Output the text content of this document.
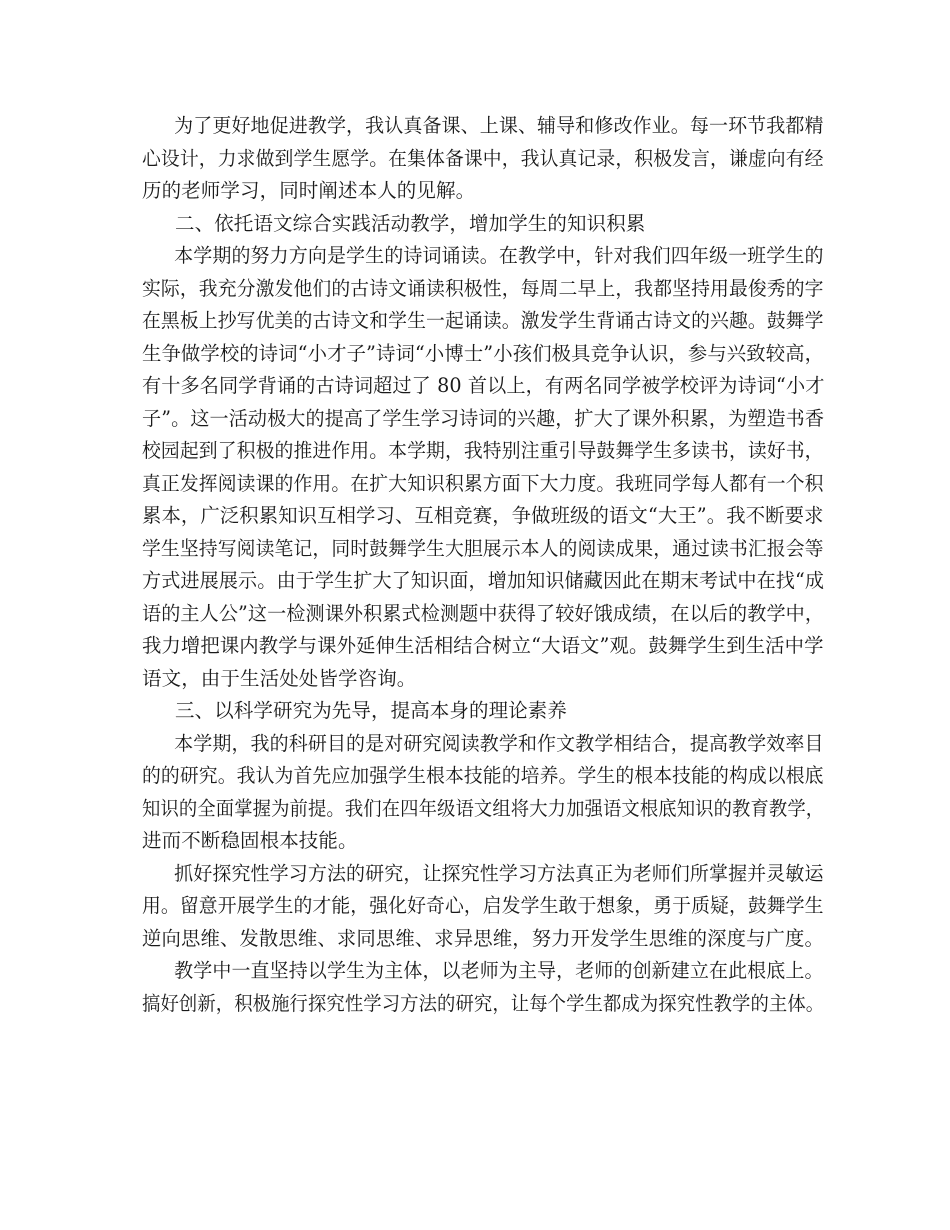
为了更好地促进教学，我认真备课、上课、辅导和修改作业。每一环节我都精
心设计，力求做到学生愿学。在集体备课中，我认真记录，积极发言，谦虚向有经
历的老师学习，同时阐述本人的见解。
二、依托语文综合实践活动教学，增加学生的知识积累
本学期的努力方向是学生的诗词诵读。在教学中，针对我们四年级一班学生的
实际，我充分激发他们的古诗文诵读积极性，每周二早上，我都坚持用最俊秀的字
在黑板上抄写优美的古诗文和学生一起诵读。激发学生背诵古诗文的兴趣。鼓舞学
生争做学校的诗词“小才子”诗词“小博士”小孩们极具竞争认识，参与兴致较高，
有十多名同学背诵的古诗词超过了 80 首以上，有两名同学被学校评为诗词“小才
子”。这一活动极大的提高了学生学习诗词的兴趣，扩大了课外积累，为塑造书香
校园起到了积极的推进作用。本学期，我特别注重引导鼓舞学生多读书，读好书，
真正发挥阅读课的作用。在扩大知识积累方面下大力度。我班同学每人都有一个积
累本，广泛积累知识互相学习、互相竞赛，争做班级的语文“大王”。我不断要求
学生坚持写阅读笔记，同时鼓舞学生大胆展示本人的阅读成果，通过读书汇报会等
方式进展展示。由于学生扩大了知识面，增加知识储藏因此在期末考试中在找“成
语的主人公”这一检测课外积累式检测题中获得了较好饿成绩，在以后的教学中，
我力增把课内教学与课外延伸生活相结合树立“大语文”观。鼓舞学生到生活中学
语文，由于生活处处皆学咨询。
三、以科学研究为先导，提高本身的理论素养
本学期，我的科研目的是对研究阅读教学和作文教学相结合，提高教学效率目
的的研究。我认为首先应加强学生根本技能的培养。学生的根本技能的构成以根底
知识的全面掌握为前提。我们在四年级语文组将大力加强语文根底知识的教育教学，
进而不断稳固根本技能。
抓好探究性学习方法的研究，让探究性学习方法真正为老师们所掌握并灵敏运
用。留意开展学生的才能，强化好奇心，启发学生敢于想象，勇于质疑，鼓舞学生
逆向思维、发散思维、求同思维、求异思维，努力开发学生思维的深度与广度。
教学中一直坚持以学生为主体，以老师为主导，老师的创新建立在此根底上。
搞好创新，积极施行探究性学习方法的研究，让每个学生都成为探究性教学的主体。
